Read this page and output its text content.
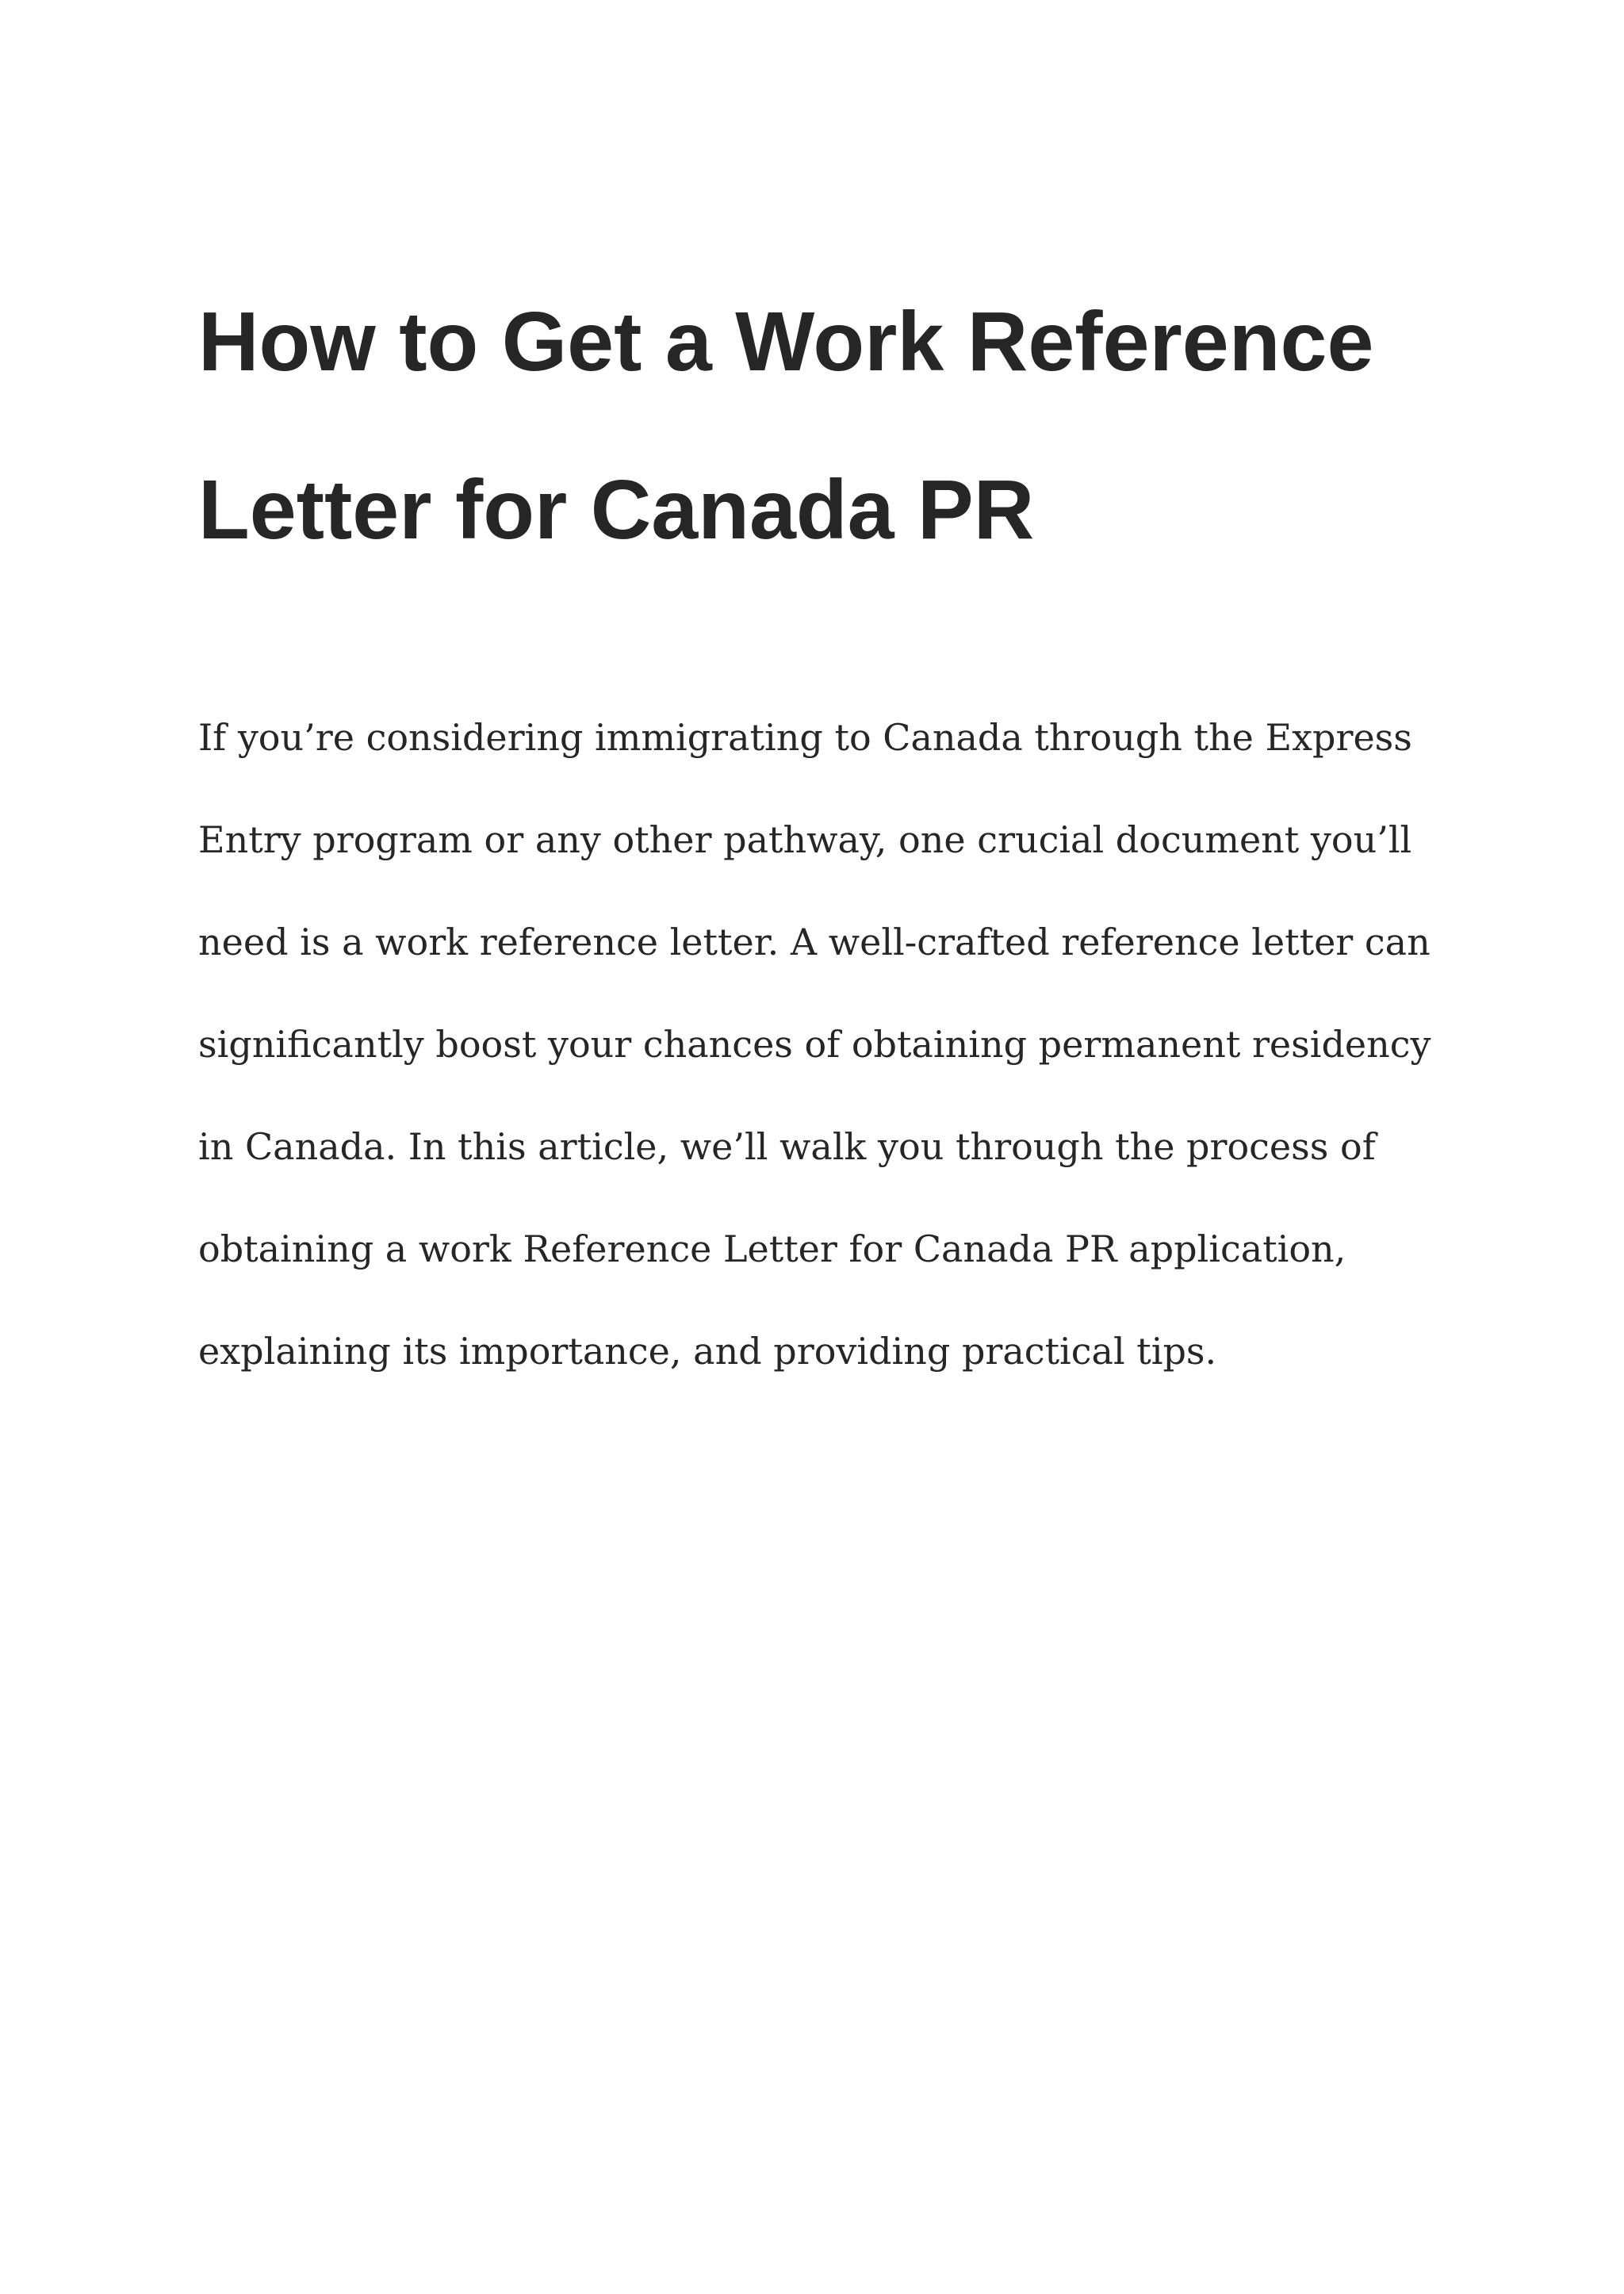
How to Get a Work Reference
Letter for Canada PR

If you’re considering immigrating to Canada through the Express
Entry program or any other pathway, one crucial document you’ll
need is a work reference letter. A well-crafted reference letter can
significantly boost your chances of obtaining permanent residency
in Canada. In this article, we’ll walk you through the process of
obtaining a work Reference Letter for Canada PR application,
explaining its importance, and providing practical tips.
